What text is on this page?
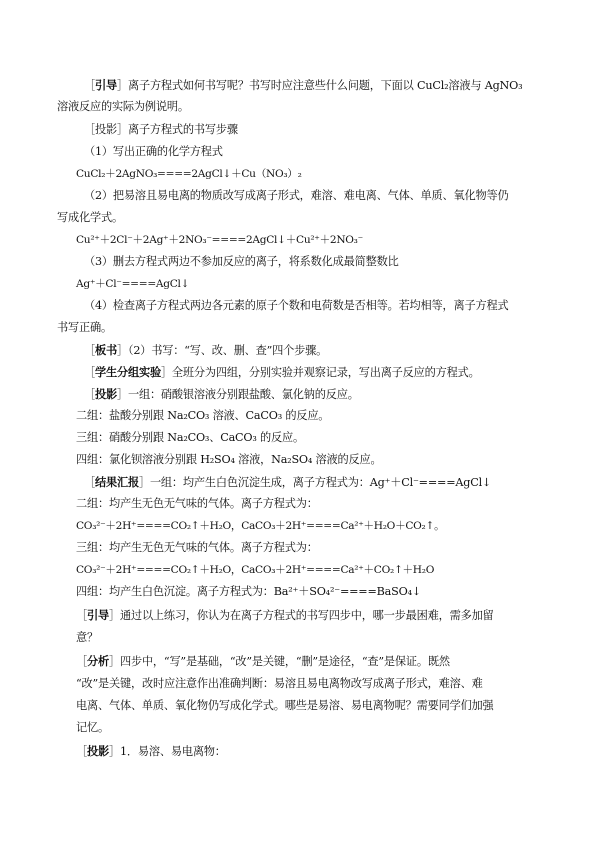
［引导］离子方程式如何书写呢？书写时应注意些什么问题，下面以 CuCl₂溶液与 AgNO₃
溶液反应的实际为例说明。
［投影］离子方程式的书写步骤
（1）写出正确的化学方程式
CuCl₂＋2AgNO₃====2AgCl↓＋Cu（NO₃）₂
（2）把易溶且易电离的物质改写成离子形式，难溶、难电离、气体、单质、氧化物等仍
写成化学式。
Cu²⁺＋2Cl⁻＋2Ag⁺＋2NO₃⁻====2AgCl↓＋Cu²⁺＋2NO₃⁻
（3）删去方程式两边不参加反应的离子，将系数化成最简整数比
Ag⁺＋Cl⁻====AgCl↓
（4）检查离子方程式两边各元素的原子个数和电荷数是否相等。若均相等，离子方程式
书写正确。
［板书］（2）书写：“写、改、删、查”四个步骤。
［学生分组实验］全班分为四组，分别实验并观察记录，写出离子反应的方程式。
［投影］一组：硝酸银溶液分别跟盐酸、氯化钠的反应。
二组：盐酸分别跟 Na₂CO₃ 溶液、CaCO₃ 的反应。
三组：硝酸分别跟 Na₂CO₃、CaCO₃ 的反应。
四组：氯化钡溶液分别跟 H₂SO₄ 溶液，Na₂SO₄ 溶液的反应。
［结果汇报］一组：均产生白色沉淀生成，离子方程式为：Ag⁺＋Cl⁻====AgCl↓
二组：均产生无色无气味的气体。离子方程式为：
CO₃²⁻＋2H⁺====CO₂↑＋H₂O，CaCO₃＋2H⁺====Ca²⁺＋H₂O＋CO₂↑。
三组：均产生无色无气味的气体。离子方程式为：
CO₃²⁻＋2H⁺====CO₂↑＋H₂O，CaCO₃＋2H⁺====Ca²⁺＋CO₂↑＋H₂O
四组：均产生白色沉淀。离子方程式为：Ba²⁺＋SO₄²⁻====BaSO₄↓
［引导］通过以上练习，你认为在离子方程式的书写四步中，哪一步最困难，需多加留
意？
［分析］四步中，“写”是基础，“改”是关键，“删”是途径，“查”是保证。既然
“改”是关键，改时应注意作出准确判断：易溶且易电离物改写成离子形式，难溶、难
电离、气体、单质、氧化物仍写成化学式。哪些是易溶、易电离物呢？需要同学们加强
记忆。
［投影］1．易溶、易电离物：
